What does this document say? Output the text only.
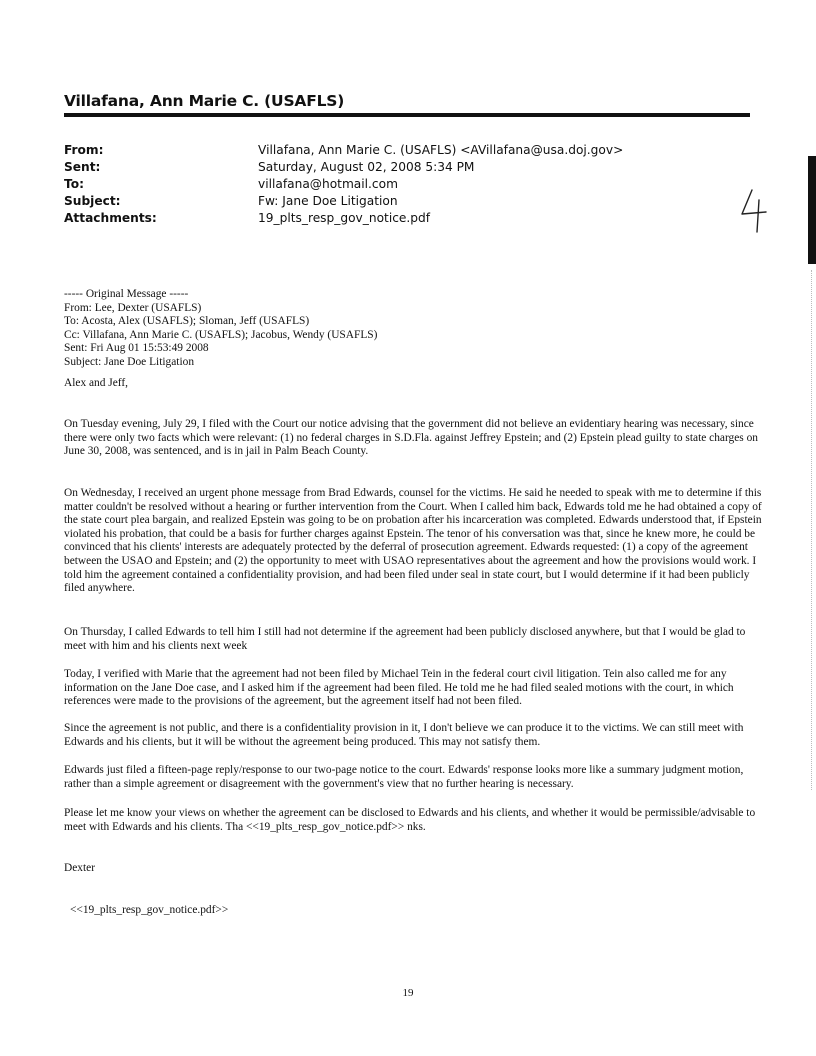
Villafana, Ann Marie C. (USAFLS)
From:	Villafana, Ann Marie C. (USAFLS) <AVillafana@usa.doj.gov>
Sent:	Saturday, August 02, 2008 5:34 PM
To:	villafana@hotmail.com
Subject:	Fw: Jane Doe Litigation
Attachments:	19_plts_resp_gov_notice.pdf

----- Original Message -----

From: Lee, Dexter (USAFLS)

To: Acosta, Alex (USAFLS); Sloman, Jeff (USAFLS)

Cc: Villafana, Ann Marie C. (USAFLS); Jacobus, Wendy (USAFLS)

Sent: Fri Aug 01 15:53:49 2008

Subject: Jane Doe Litigation

Alex and Jeff,

On Tuesday evening, July 29, I filed with the Court our notice advising that the government did not believe an evidentiary hearing was necessary, since there were only two facts which were relevant: (1) no federal charges in S.D.Fla. against Jeffrey Epstein; and (2) Epstein plead guilty to state charges on June 30, 2008, was sentenced, and is in jail in Palm Beach County.

On Wednesday, I received an urgent phone message from Brad Edwards, counsel for the victims. He said he needed to speak with me to determine if this matter couldn't be resolved without a hearing or further intervention from the Court. When I called him back, Edwards told me he had obtained a copy of the state court plea bargain, and realized Epstein was going to be on probation after his incarceration was completed. Edwards understood that, if Epstein violated his probation, that could be a basis for further charges against Epstein. The tenor of his conversation was that, since he knew more, he could be convinced that his clients' interests are adequately protected by the deferral of prosecution agreement. Edwards requested: (1) a copy of the agreement between the USAO and Epstein; and (2) the opportunity to meet with USAO representatives about the agreement and how the provisions would work. I told him the agreement contained a confidentiality provision, and had been filed under seal in state court, but I would determine if it had been publicly filed anywhere.

On Thursday, I called Edwards to tell him I still had not determine if the agreement had been publicly disclosed anywhere, but that I would be glad to meet with him and his clients next week

Today, I verified with Marie that the agreement had not been filed by Michael Tein in the federal court civil litigation. Tein also called me for any information on the Jane Doe case, and I asked him if the agreement had been filed. He told me he had filed sealed motions with the court, in which references were made to the provisions of the agreement, but the agreement itself had not been filed.

Since the agreement is not public, and there is a confidentiality provision in it, I don't believe we can produce it to the victims. We can still meet with Edwards and his clients, but it will be without the agreement being produced. This may not satisfy them.

Edwards just filed a fifteen-page reply/response to our two-page notice to the court. Edwards' response looks more like a summary judgment motion, rather than a simple agreement or disagreement with the government's view that no further hearing is necessary.

Please let me know your views on whether the agreement can be disclosed to Edwards and his clients, and whether it would be permissible/advisable to meet with Edwards and his clients. Tha <<19_plts_resp_gov_notice.pdf>> nks.

Dexter

<<19_plts_resp_gov_notice.pdf>>

19
